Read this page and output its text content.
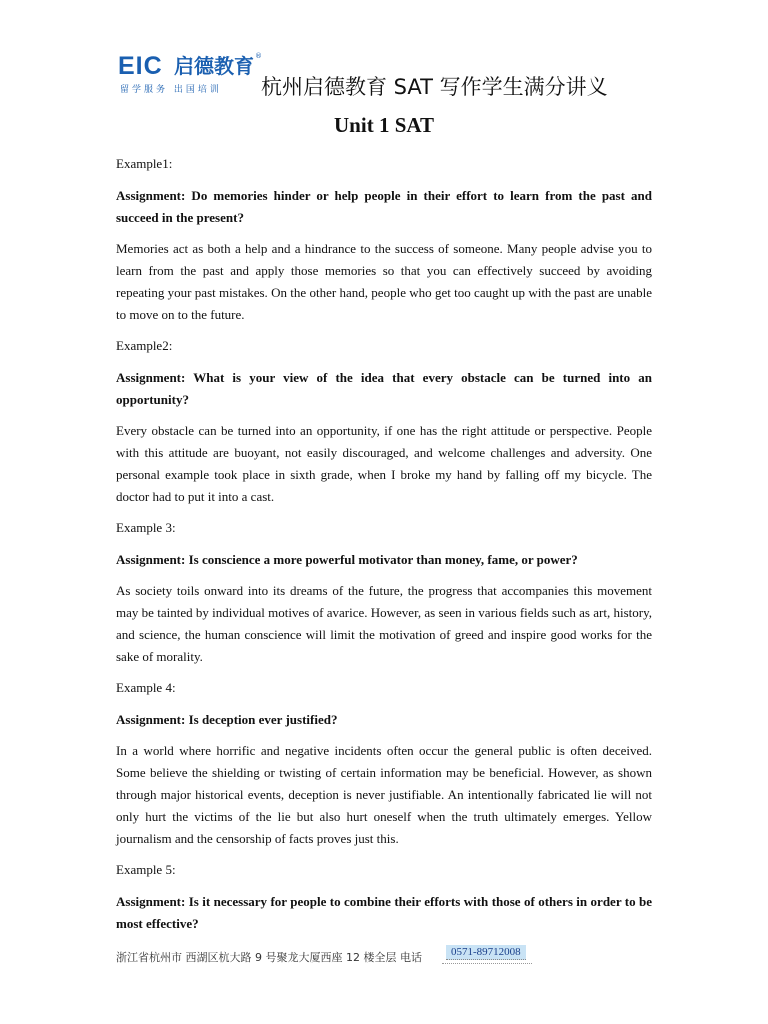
EIC 启德教育 ®
留学服务 出国培训 杭州启德教育 SAT 写作学生满分讲义
Unit 1 SAT

Example1:

Assignment: Do memories hinder or help people in their effort to learn from the past and succeed in the present?

Memories act as both a help and a hindrance to the success of someone. Many people advise you to learn from the past and apply those memories so that you can effectively succeed by avoiding repeating your past mistakes. On the other hand, people who get too caught up with the past are unable to move on to the future.

Example2:

Assignment: What is your view of the idea that every obstacle can be turned into an opportunity?

Every obstacle can be turned into an opportunity, if one has the right attitude or perspective. People with this attitude are buoyant, not easily discouraged, and welcome challenges and adversity. One personal example took place in sixth grade, when I broke my hand by falling off my bicycle. The doctor had to put it into a cast.

Example 3:

Assignment: Is conscience a more powerful motivator than money, fame, or power?

As society toils onward into its dreams of the future, the progress that accompanies this movement may be tainted by individual motives of avarice. However, as seen in various fields such as art, history, and science, the human conscience will limit the motivation of greed and inspire good works for the sake of morality.

Example 4:

Assignment: Is deception ever justified?

In a world where horrific and negative incidents often occur the general public is often deceived. Some believe the shielding or twisting of certain information may be beneficial. However, as shown through major historical events, deception is never justifiable. An intentionally fabricated lie will not only hurt the victims of the lie but also hurt oneself when the truth ultimately emerges. Yellow journalism and the censorship of facts proves just this.

Example 5:

Assignment: Is it necessary for people to combine their efforts with those of others in order to be most effective?

浙江省杭州市 西湖区杭大路 9 号聚龙大厦西座 12 楼全层 电话	0571-89712008
